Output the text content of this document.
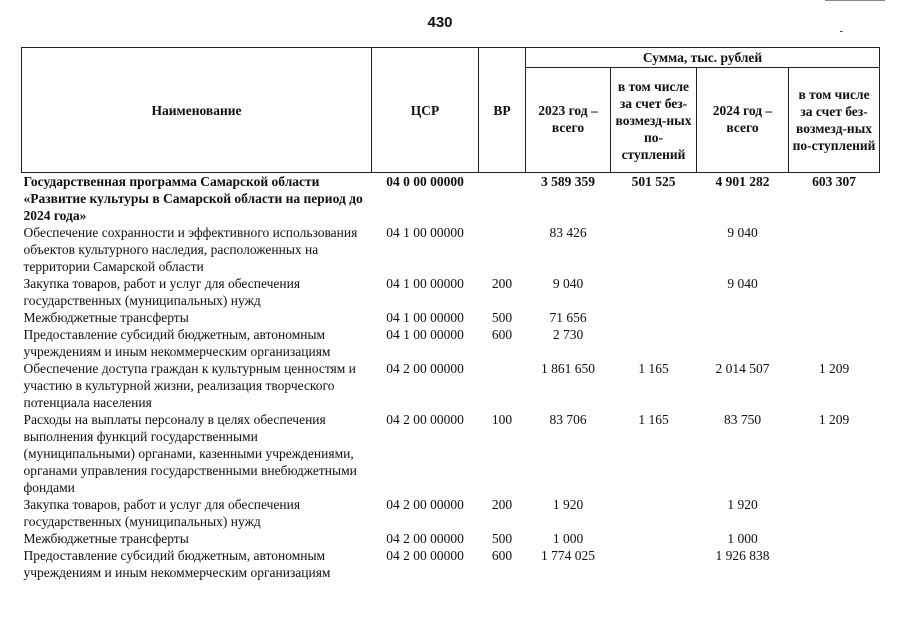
-
430
Наименование	ЦСР	ВР	Сумма, тыс. рублей			
			2023 год – всего	в том числе за счет без-возмезд-ных по-ступлений	2024 год – всего	в том числе за счет без-возмезд-ных по-ступлений
Государственная программа Самарской области «Развитие культуры в Самарской области на период до 2024 года»	04 0 00 00000		3 589 359	501 525	4 901 282	603 307
Обеспечение сохранности и эффективного использования объектов культурного наследия, расположенных на территории Самарской области	04 1 00 00000		83 426		9 040	
Закупка товаров, работ и услуг для обеспечения государственных (муниципальных) нужд	04 1 00 00000	200	9 040		9 040	
Межбюджетные трансферты	04 1 00 00000	500	71 656			
Предоставление субсидий бюджетным, автономным учреждениям и иным некоммерческим организациям	04 1 00 00000	600	2 730			
Обеспечение доступа граждан к культурным ценностям и участию в культурной жизни, реализация творческого потенциала населения	04 2 00 00000		1 861 650	1 165	2 014 507	1 209
Расходы на выплаты персоналу в целях обеспечения выполнения функций государственными (муниципальными) органами, казенными учреждениями, органами управления государственными внебюджетными фондами	04 2 00 00000	100	83 706	1 165	83 750	1 209
Закупка товаров, работ и услуг для обеспечения государственных (муниципальных) нужд	04 2 00 00000	200	1 920		1 920	
Межбюджетные трансферты	04 2 00 00000	500	1 000		1 000	
Предоставление субсидий бюджетным, автономным учреждениям и иным некоммерческим организациям	04 2 00 00000	600	1 774 025		1 926 838	
